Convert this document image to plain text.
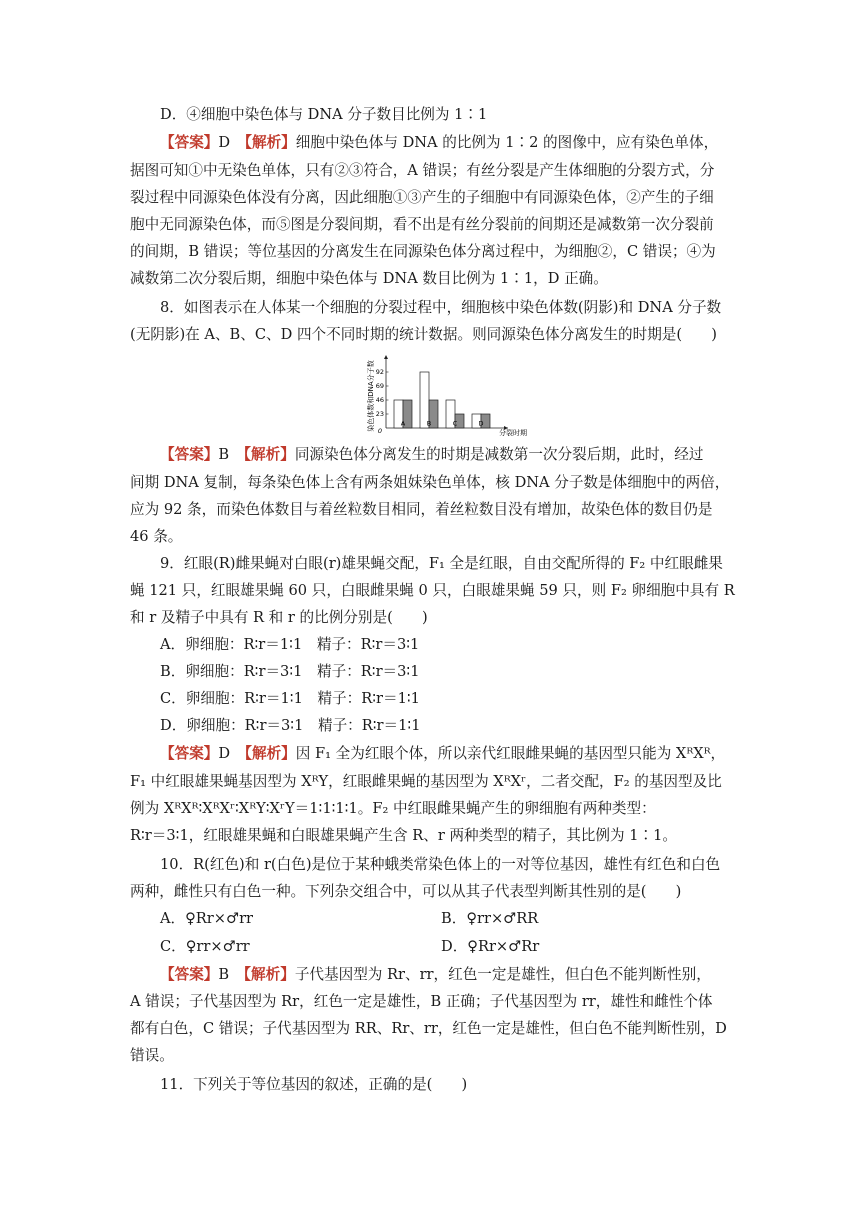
D．④细胞中染色体与 DNA 分子数目比例为 1∶1
【答案】D　 【解析】细胞中染色体与 DNA 的比例为 1∶2 的图像中，应有染色单体，
据图可知①中无染色单体，只有②③符合，A 错误；有丝分裂是产生体细胞的分裂方式，分
裂过程中同源染色体没有分离，因此细胞①③产生的子细胞中有同源染色体，②产生的子细
胞中无同源染色体，而⑤图是分裂间期，看不出是有丝分裂前的间期还是减数第一次分裂前
的间期，B 错误；等位基因的分离发生在同源染色体分离过程中，为细胞②，C 错误；④为
减数第二次分裂后期，细胞中染色体与 DNA 数目比例为 1∶1，D 正确。
8．如图表示在人体某一个细胞的分裂过程中，细胞核中染色体数(阴影)和 DNA 分子数
(无阴影)在 A、B、C、D 四个不同时期的统计数据。则同源染色体分离发生的时期是(　　)
染色体数和DNA分子数 23
46
69
92
A	B	C	D
0	分裂时期
【答案】B　 【解析】同源染色体分离发生的时期是减数第一次分裂后期，此时，经过
间期 DNA 复制，每条染色体上含有两条姐妹染色单体，核 DNA 分子数是体细胞中的两倍，
应为 92 条，而染色体数目与着丝粒数目相同，着丝粒数目没有增加，故染色体的数目仍是
46 条。
9．红眼(R)雌果蝇对白眼(r)雄果蝇交配，F₁ 全是红眼，自由交配所得的 F₂ 中红眼雌果
蝇 121 只，红眼雄果蝇 60 只，白眼雌果蝇 0 只，白眼雄果蝇 59 只，则 F₂ 卵细胞中具有 R
和 r 及精子中具有 R 和 r 的比例分别是(　　)
A．卵细胞：R∶r＝1∶1　精子：R∶r＝3∶1
B．卵细胞：R∶r＝3∶1　精子：R∶r＝3∶1
C．卵细胞：R∶r＝1∶1　精子：R∶r＝1∶1
D．卵细胞：R∶r＝3∶1　精子：R∶r＝1∶1
【答案】D　 【解析】因 F₁ 全为红眼个体，所以亲代红眼雌果蝇的基因型只能为 XᴿXᴿ，
F₁ 中红眼雄果蝇基因型为 XᴿY，红眼雌果蝇的基因型为 XᴿXʳ，二者交配，F₂ 的基因型及比
例为 XᴿXᴿ∶XᴿXʳ∶XᴿY∶XʳY＝1∶1∶1∶1。F₂ 中红眼雌果蝇产生的卵细胞有两种类型：
R∶r＝3∶1，红眼雄果蝇和白眼雄果蝇产生含 R、r 两种类型的精子，其比例为 1∶1。
10．R(红色)和 r(白色)是位于某种蛾类常染色体上的一对等位基因，雄性有红色和白色
两种，雌性只有白色一种。下列杂交组合中，可以从其子代表型判断其性别的是(　　)
A．♀Rr×♂rr	B．♀rr×♂RR
C．♀rr×♂rr	D．♀Rr×♂Rr
【答案】B　 【解析】子代基因型为 Rr、rr，红色一定是雄性，但白色不能判断性别，
A 错误；子代基因型为 Rr，红色一定是雄性，B 正确；子代基因型为 rr，雄性和雌性个体
都有白色，C 错误；子代基因型为 RR、Rr、rr，红色一定是雄性，但白色不能判断性别，D
错误。
11．下列关于等位基因的叙述，正确的是(　　)
